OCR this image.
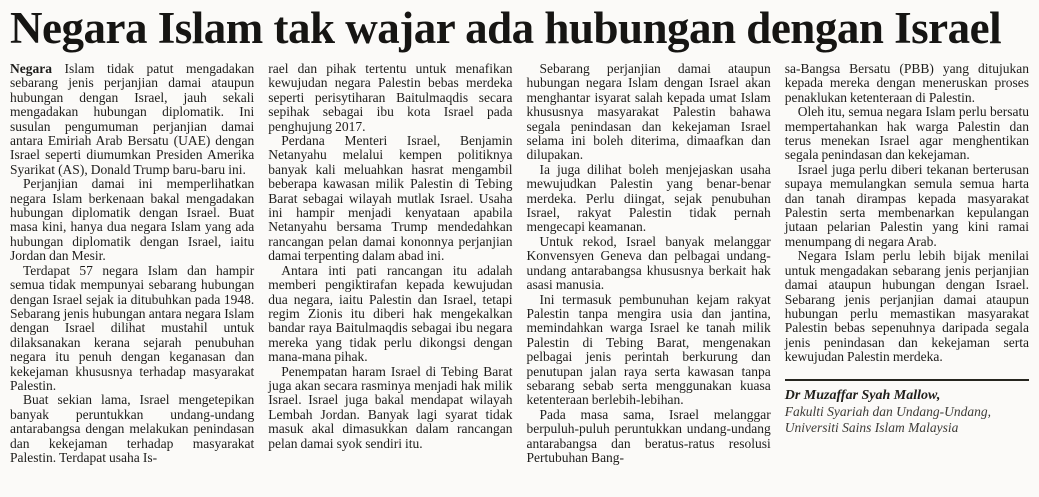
Negara Islam tak wajar ada hubungan dengan Israel

Negara Islam tidak patut mengadakan sebarang jenis perjanjian damai ataupun hubungan dengan Israel, jauh sekali mengadakan hubungan diplomatik. Ini susulan pengumuman perjanjian damai antara Emiriah Arab Bersatu (UAE) dengan Israel seperti diumumkan Presiden Amerika Syarikat (AS), Donald Trump baru-baru ini.

Perjanjian damai ini memperlihatkan negara Islam berkenaan bakal mengadakan hubungan diplomatik dengan Israel. Buat masa kini, hanya dua negara Islam yang ada hubungan diplomatik dengan Israel, iaitu Jordan dan Mesir.

Terdapat 57 negara Islam dan hampir semua tidak mempunyai sebarang hubungan dengan Israel sejak ia ditubuhkan pada 1948. Sebarang jenis hubungan antara negara Islam dengan Israel dilihat mustahil untuk dilaksanakan kerana sejarah penubuhan negara itu penuh dengan keganasan dan kekejaman khususnya terhadap masyarakat Palestin.

Buat sekian lama, Israel mengetepikan banyak peruntukkan undang-undang antarabangsa dengan melakukan penindasan dan kekejaman terhadap masyarakat Palestin. Terdapat usaha Is-

rael dan pihak tertentu untuk menafikan kewujudan negara Palestin bebas merdeka seperti perisytiharan Baitulmaqdis secara sepihak sebagai ibu kota Israel pada penghujung 2017.

Perdana Menteri Israel, Benjamin Netanyahu melalui kempen politiknya banyak kali meluahkan hasrat mengambil beberapa kawasan milik Palestin di Tebing Barat sebagai wilayah mutlak Israel. Usaha ini hampir menjadi kenyataan apabila Netanyahu bersama Trump mendedahkan rancangan pelan damai kononnya perjanjian damai terpenting dalam abad ini.

Antara inti pati rancangan itu adalah memberi pengiktirafan kepada kewujudan dua negara, iaitu Palestin dan Israel, tetapi regim Zionis itu diberi hak mengekalkan bandar raya Baitulmaqdis sebagai ibu negara mereka yang tidak perlu dikongsi dengan mana-mana pihak.

Penempatan haram Israel di Tebing Barat juga akan secara rasminya menjadi hak milik Israel. Israel juga bakal mendapat wilayah Lembah Jordan. Banyak lagi syarat tidak masuk akal dimasukkan dalam rancangan pelan damai syok sendiri itu.

Sebarang perjanjian damai ataupun hubungan negara Islam dengan Israel akan menghantar isyarat salah kepada umat Islam khususnya masyarakat Palestin bahawa segala penindasan dan kekejaman Israel selama ini boleh diterima, dimaafkan dan dilupakan.

Ia juga dilihat boleh menjejaskan usaha mewujudkan Palestin yang benar-benar merdeka. Perlu diingat, sejak penubuhan Israel, rakyat Palestin tidak pernah mengecapi keamanan.

Untuk rekod, Israel banyak melanggar Konvensyen Geneva dan pelbagai undang-undang antarabangsa khususnya berkait hak asasi manusia.

Ini termasuk pembunuhan kejam rakyat Palestin tanpa mengira usia dan jantina, memindahkan warga Israel ke tanah milik Palestin di Tebing Barat, mengenakan pelbagai jenis perintah berkurung dan penutupan jalan raya serta kawasan tanpa sebarang sebab serta menggunakan kuasa ketenteraan berlebih-lebihan.

Pada masa sama, Israel melanggar berpuluh-puluh peruntukkan undang-undang antarabangsa dan beratus-ratus resolusi Pertubuhan Bang-

sa-Bangsa Bersatu (PBB) yang ditujukan kepada mereka dengan meneruskan proses penaklukan ketenteraan di Palestin.

Oleh itu, semua negara Islam perlu bersatu mempertahankan hak warga Palestin dan terus menekan Israel agar menghentikan segala penindasan dan kekejaman.

Israel juga perlu diberi tekanan berterusan supaya memulangkan semula semua harta dan tanah dirampas kepada masyarakat Palestin serta membenarkan kepulangan jutaan pelarian Palestin yang kini ramai menumpang di negara Arab.

Negara Islam perlu lebih bijak menilai untuk mengadakan sebarang jenis perjanjian damai ataupun hubungan dengan Israel. Sebarang jenis perjanjian damai ataupun hubungan perlu memastikan masyarakat Palestin bebas sepenuhnya daripada segala jenis penindasan dan kekejaman serta kewujudan Palestin merdeka.

Dr Muzaffar Syah Mallow,

Fakulti Syariah dan Undang-Undang,

Universiti Sains Islam Malaysia
